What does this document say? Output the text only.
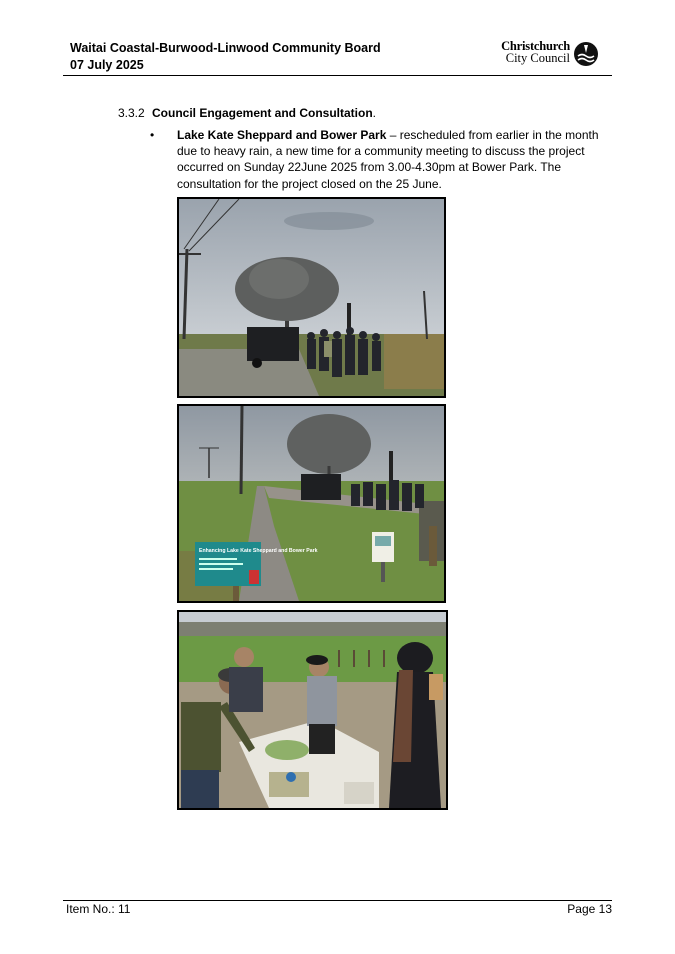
Waitai Coastal-Burwood-Linwood Community Board

07 July 2025

Christchurch
City Council
3.3.2 Council Engagement and Consultation.
• Lake Kate Sheppard and Bower Park – rescheduled from earlier in the month due to heavy rain, a new time for a community meeting to discuss the project occurred on Sunday 22June 2025 from 3.00-4.30pm at Bower Park. The consultation for the project closed on the 25 June.
Enhancing Lake Kate Sheppard and Bower Park
Item No.: 11	Page 13
